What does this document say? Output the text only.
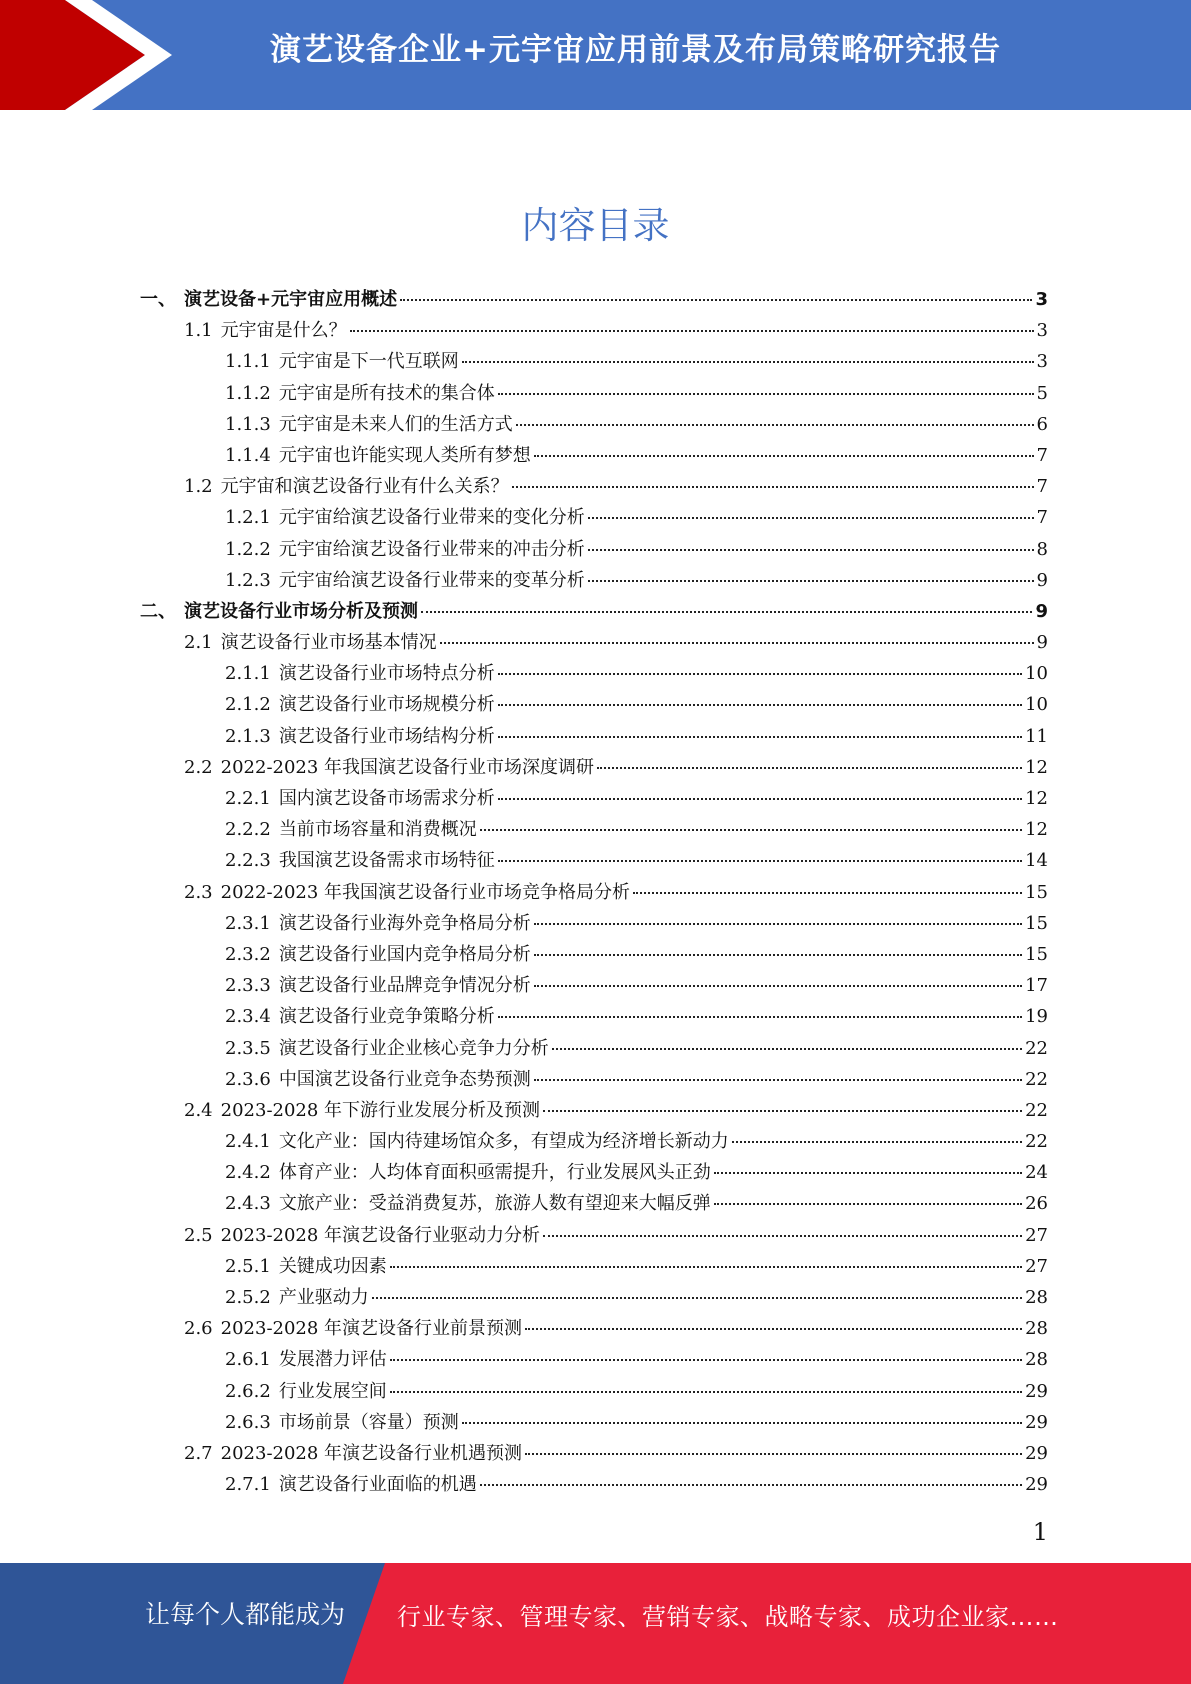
演艺设备企业+元宇宙应用前景及布局策略研究报告
内容目录
一、 演艺设备+元宇宙应用概述	3
1.1 元宇宙是什么？	3
1.1.1 元宇宙是下一代互联网	3
1.1.2 元宇宙是所有技术的集合体	5
1.1.3 元宇宙是未来人们的生活方式	6
1.1.4 元宇宙也许能实现人类所有梦想	7
1.2 元宇宙和演艺设备行业有什么关系？	7
1.2.1 元宇宙给演艺设备行业带来的变化分析	7
1.2.2 元宇宙给演艺设备行业带来的冲击分析	8
1.2.3 元宇宙给演艺设备行业带来的变革分析	9
二、 演艺设备行业市场分析及预测	9
2.1 演艺设备行业市场基本情况	9
2.1.1 演艺设备行业市场特点分析	10
2.1.2 演艺设备行业市场规模分析	10
2.1.3 演艺设备行业市场结构分析	11
2.2 2022-2023 年我国演艺设备行业市场深度调研	12
2.2.1 国内演艺设备市场需求分析	12
2.2.2 当前市场容量和消费概况	12
2.2.3 我国演艺设备需求市场特征	14
2.3 2022-2023 年我国演艺设备行业市场竞争格局分析	15
2.3.1 演艺设备行业海外竞争格局分析	15
2.3.2 演艺设备行业国内竞争格局分析	15
2.3.3 演艺设备行业品牌竞争情况分析	17
2.3.4 演艺设备行业竞争策略分析	19
2.3.5 演艺设备行业企业核心竞争力分析	22
2.3.6 中国演艺设备行业竞争态势预测	22
2.4 2023-2028 年下游行业发展分析及预测	22
2.4.1 文化产业：国内待建场馆众多，有望成为经济增长新动力	22
2.4.2 体育产业：人均体育面积亟需提升，行业发展风头正劲	24
2.4.3 文旅产业：受益消费复苏，旅游人数有望迎来大幅反弹	26
2.5 2023-2028 年演艺设备行业驱动力分析	27
2.5.1 关键成功因素	27
2.5.2 产业驱动力	28
2.6 2023-2028 年演艺设备行业前景预测	28
2.6.1 发展潜力评估	28
2.6.2 行业发展空间	29
2.6.3 市场前景（容量）预测	29
2.7 2023-2028 年演艺设备行业机遇预测	29
2.7.1 演艺设备行业面临的机遇	29
1
让每个人都能成为 行业专家、管理专家、营销专家、战略专家、成功企业家……
